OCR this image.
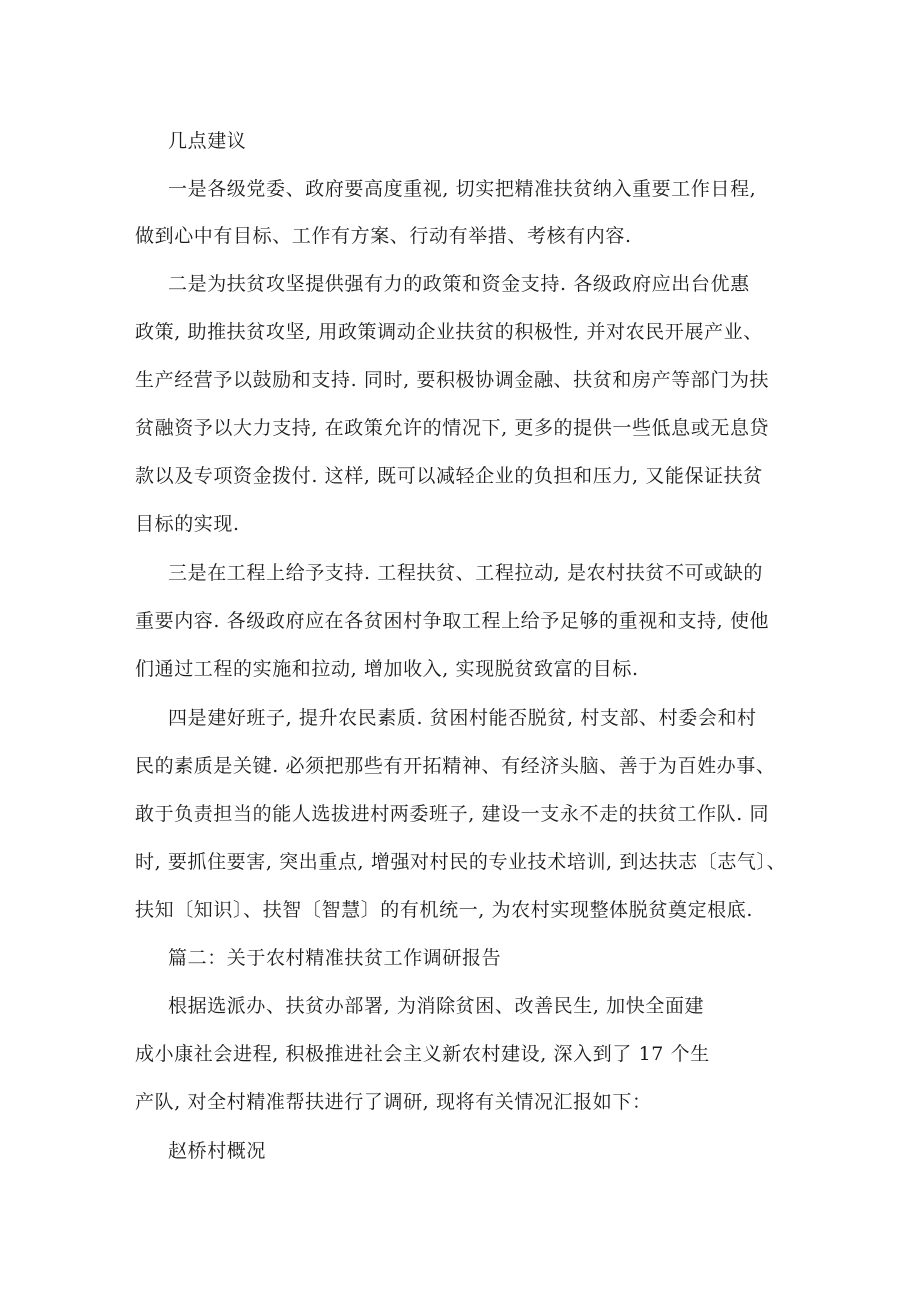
几点建议

一是各级党委、政府要高度重视, 切实把精准扶贫纳入重要工作日程,

做到心中有目标、工作有方案、行动有举措、考核有内容.

二是为扶贫攻坚提供强有力的政策和资金支持. 各级政府应出台优惠

政策, 助推扶贫攻坚, 用政策调动企业扶贫的积极性, 并对农民开展产业、

生产经营予以鼓励和支持. 同时, 要积极协调金融、扶贫和房产等部门为扶

贫融资予以大力支持, 在政策允许的情况下, 更多的提供一些低息或无息贷

款以及专项资金拨付. 这样, 既可以减轻企业的负担和压力, 又能保证扶贫

目标的实现.

三是在工程上给予支持. 工程扶贫、工程拉动, 是农村扶贫不可或缺的

重要内容. 各级政府应在各贫困村争取工程上给予足够的重视和支持, 使他

们通过工程的实施和拉动, 增加收入, 实现脱贫致富的目标.

四是建好班子, 提升农民素质. 贫困村能否脱贫, 村支部、村委会和村

民的素质是关键. 必须把那些有开拓精神、有经济头脑、善于为百姓办事、

敢于负责担当的能人选拔进村两委班子, 建设一支永不走的扶贫工作队. 同

时, 要抓住要害, 突出重点, 增强对村民的专业技术培训, 到达扶志〔志气〕、

扶知〔知识〕、扶智〔智慧〕的有机统一, 为农村实现整体脱贫奠定根底.

篇二：关于农村精准扶贫工作调研报告

根据选派办、扶贫办部署, 为消除贫困、改善民生, 加快全面建

成小康社会进程, 积极推进社会主义新农村建设, 深入到了 17 个生

产队, 对全村精准帮扶进行了调研, 现将有关情况汇报如下：

赵桥村概况
